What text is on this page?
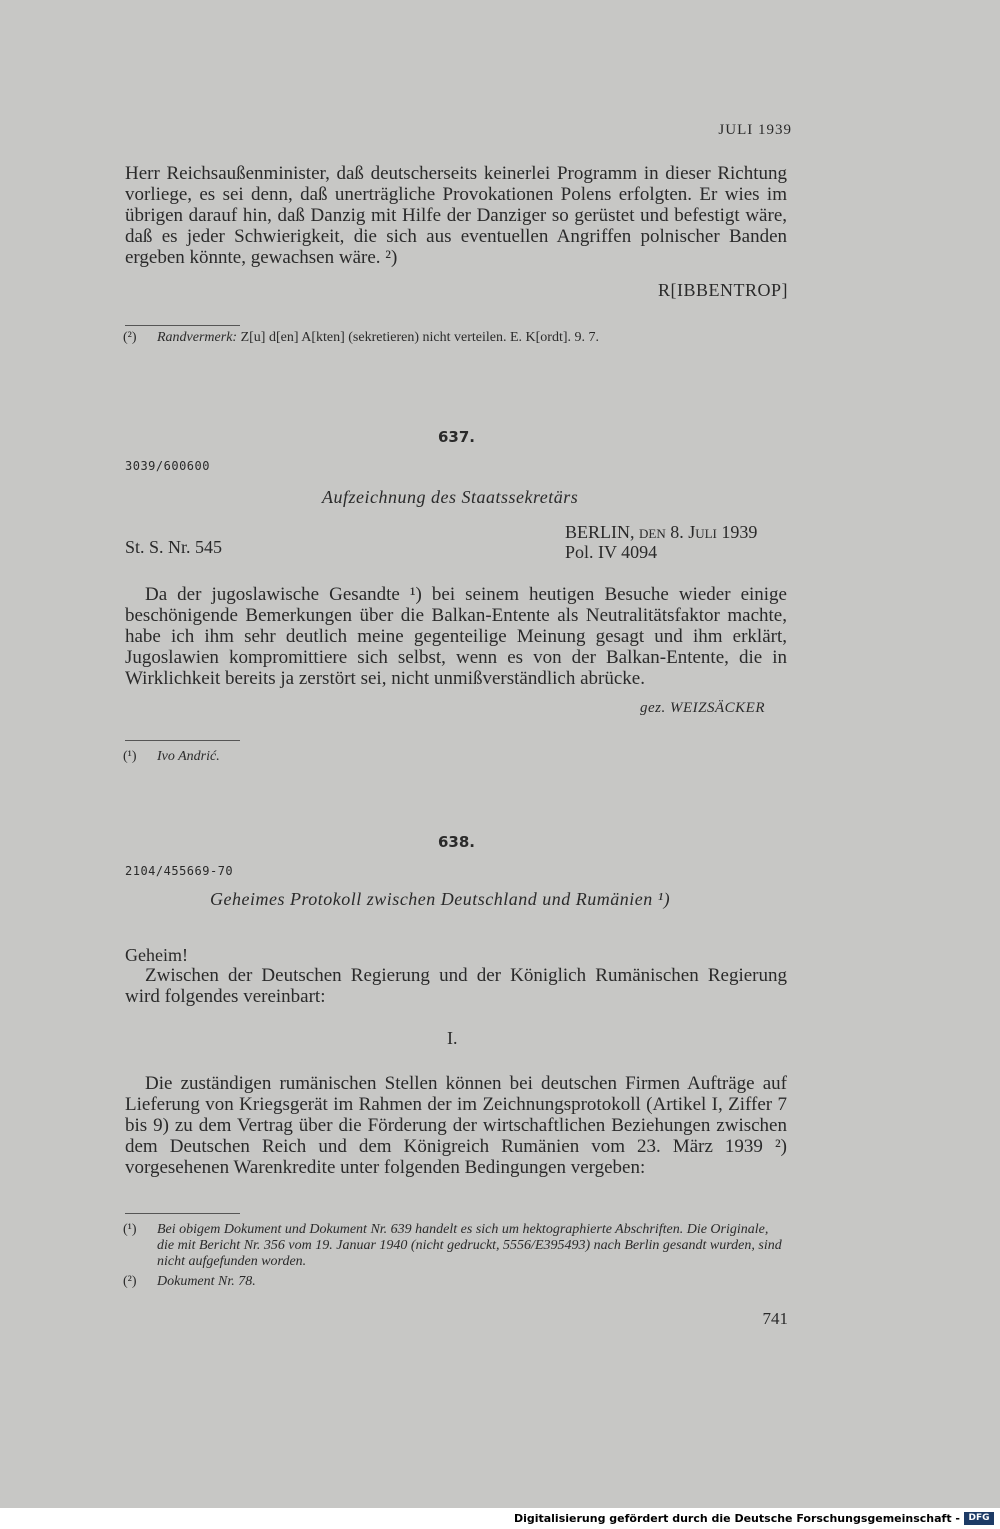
JULI 1939
Herr Reichsaußenminister, daß deutscherseits keinerlei Programm in dieser Richtung vorliege, es sei denn, daß unerträgliche Provokationen Polens erfolgten. Er wies im übrigen darauf hin, daß Danzig mit Hilfe der Danziger so gerüstet und befestigt wäre, daß es jeder Schwierigkeit, die sich aus eventuellen Angriffen polnischer Banden ergeben könnte, gewachsen wäre. ²)
R[IBBENTROP]
(²) Randvermerk: Z[u] d[en] A[kten] (sekretieren) nicht verteilen. E. K[ordt]. 9. 7.
637.
3039/600600
Aufzeichnung des Staatssekretärs
St. S. Nr. 545
BERLIN, den 8. Juli 1939
Pol. IV 4094
Da der jugoslawische Gesandte ¹) bei seinem heutigen Besuche wieder einige beschönigende Bemerkungen über die Balkan-Entente als Neutralitätsfaktor machte, habe ich ihm sehr deutlich meine gegenteilige Meinung gesagt und ihm erklärt, Jugoslawien kompromittiere sich selbst, wenn es von der Balkan-Entente, die in Wirklichkeit bereits ja zerstört sei, nicht unmißverständlich abrücke.
gez. WEIZSÄCKER
(¹) Ivo Andrić.
638.
2104/455669-70
Geheimes Protokoll zwischen Deutschland und Rumänien ¹)
Geheim!
Zwischen der Deutschen Regierung und der Königlich Rumänischen Regierung wird folgendes vereinbart:
I.
Die zuständigen rumänischen Stellen können bei deutschen Firmen Aufträge auf Lieferung von Kriegsgerät im Rahmen der im Zeichnungsprotokoll (Artikel I, Ziffer 7 bis 9) zu dem Vertrag über die Förderung der wirtschaftlichen Beziehungen zwischen dem Deutschen Reich und dem Königreich Rumänien vom 23. März 1939 ²) vorgesehenen Warenkredite unter folgenden Bedingungen vergeben:
(¹) Bei obigem Dokument und Dokument Nr. 639 handelt es sich um hektographierte Abschriften. Die Originale, die mit Bericht Nr. 356 vom 19. Januar 1940 (nicht gedruckt, 5556/E395493) nach Berlin gesandt wurden, sind nicht aufgefunden worden.
(²) Dokument Nr. 78.
741
Digitalisierung gefördert durch die Deutsche Forschungsgemeinschaft - DFG
